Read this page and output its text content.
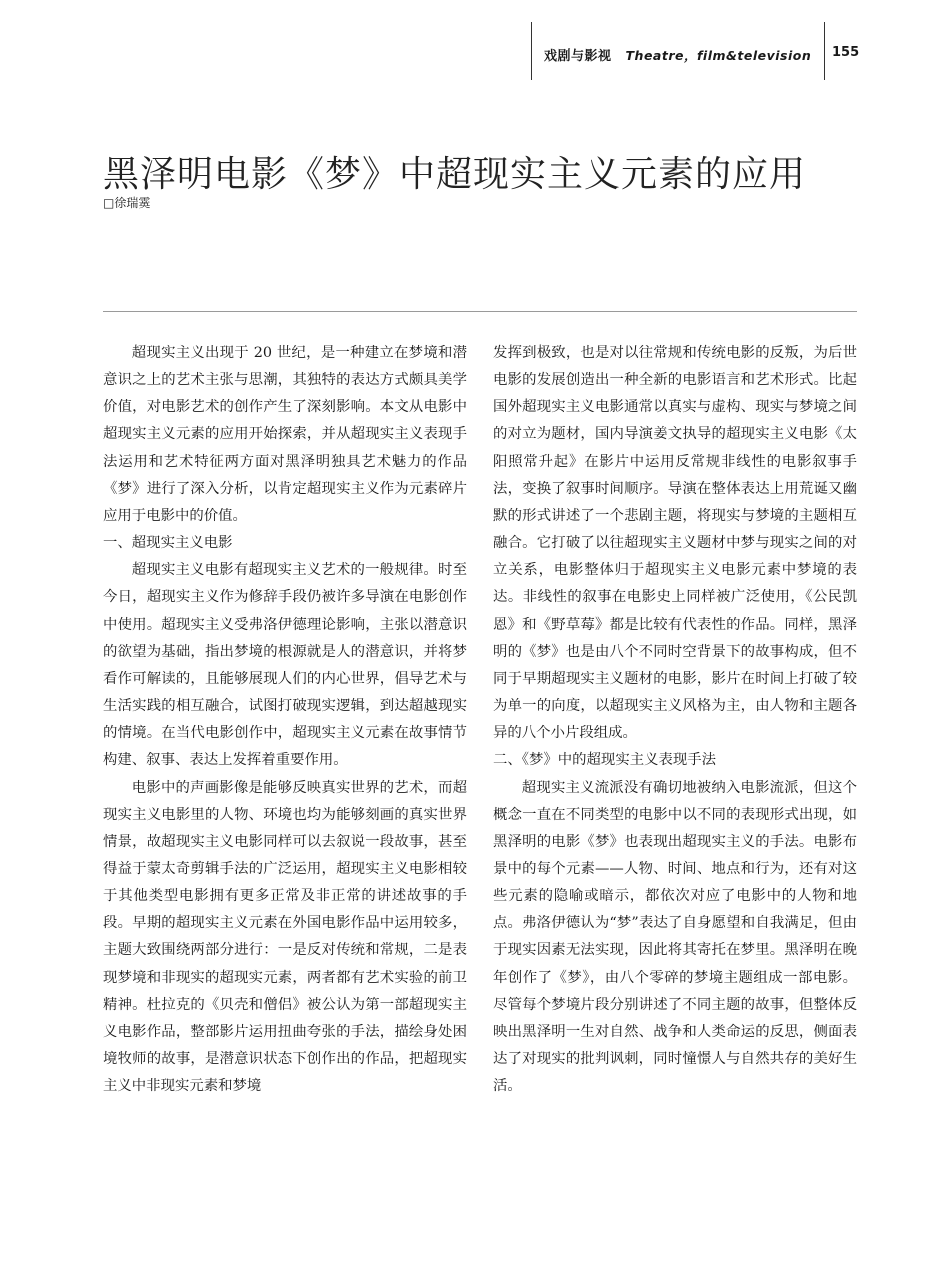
戏剧与影视 Theatre，film&television 155
黑泽明电影《梦》中超现实主义元素的应用
□徐瑞霙

超现实主义出现于 20 世纪，是一种建立在梦境和潜意识之上的艺术主张与思潮，其独特的表达方式颇具美学价值，对电影艺术的创作产生了深刻影响。本文从电影中超现实主义元素的应用开始探索，并从超现实主义表现手法运用和艺术特征两方面对黑泽明独具艺术魅力的作品《梦》进行了深入分析，以肯定超现实主义作为元素碎片应用于电影中的价值。

一、超现实主义电影

超现实主义电影有超现实主义艺术的一般规律。时至今日，超现实主义作为修辞手段仍被许多导演在电影创作中使用。超现实主义受弗洛伊德理论影响，主张以潜意识的欲望为基础，指出梦境的根源就是人的潜意识，并将梦看作可解读的，且能够展现人们的内心世界，倡导艺术与生活实践的相互融合，试图打破现实逻辑，到达超越现实的情境。在当代电影创作中，超现实主义元素在故事情节构建、叙事、表达上发挥着重要作用。

电影中的声画影像是能够反映真实世界的艺术，而超现实主义电影里的人物、环境也均为能够刻画的真实世界情景，故超现实主义电影同样可以去叙说一段故事，甚至得益于蒙太奇剪辑手法的广泛运用，超现实主义电影相较于其他类型电影拥有更多正常及非正常的讲述故事的手段。早期的超现实主义元素在外国电影作品中运用较多，主题大致围绕两部分进行：一是反对传统和常规，二是表现梦境和非现实的超现实元素，两者都有艺术实验的前卫精神。杜拉克的《贝壳和僧侣》被公认为第一部超现实主义电影作品，整部影片运用扭曲夸张的手法，描绘身处困境牧师的故事，是潜意识状态下创作出的作品，把超现实主义中非现实元素和梦境

发挥到极致，也是对以往常规和传统电影的反叛，为后世电影的发展创造出一种全新的电影语言和艺术形式。比起国外超现实主义电影通常以真实与虚构、现实与梦境之间的对立为题材，国内导演姜文执导的超现实主义电影《太阳照常升起》在影片中运用反常规非线性的电影叙事手法，变换了叙事时间顺序。导演在整体表达上用荒诞又幽默的形式讲述了一个悲剧主题，将现实与梦境的主题相互融合。它打破了以往超现实主义题材中梦与现实之间的对立关系，电影整体归于超现实主义电影元素中梦境的表达。非线性的叙事在电影史上同样被广泛使用，《公民凯恩》和《野草莓》都是比较有代表性的作品。同样，黑泽明的《梦》也是由八个不同时空背景下的故事构成，但不同于早期超现实主义题材的电影，影片在时间上打破了较为单一的向度，以超现实主义风格为主，由人物和主题各异的八个小片段组成。

二、《梦》中的超现实主义表现手法

超现实主义流派没有确切地被纳入电影流派，但这个概念一直在不同类型的电影中以不同的表现形式出现，如黑泽明的电影《梦》也表现出超现实主义的手法。电影布景中的每个元素——人物、时间、地点和行为，还有对这些元素的隐喻或暗示，都依次对应了电影中的人物和地点。弗洛伊德认为“梦”表达了自身愿望和自我满足，但由于现实因素无法实现，因此将其寄托在梦里。黑泽明在晚年创作了《梦》，由八个零碎的梦境主题组成一部电影。尽管每个梦境片段分别讲述了不同主题的故事，但整体反映出黑泽明一生对自然、战争和人类命运的反思，侧面表达了对现实的批判讽刺，同时憧憬人与自然共存的美好生活。
